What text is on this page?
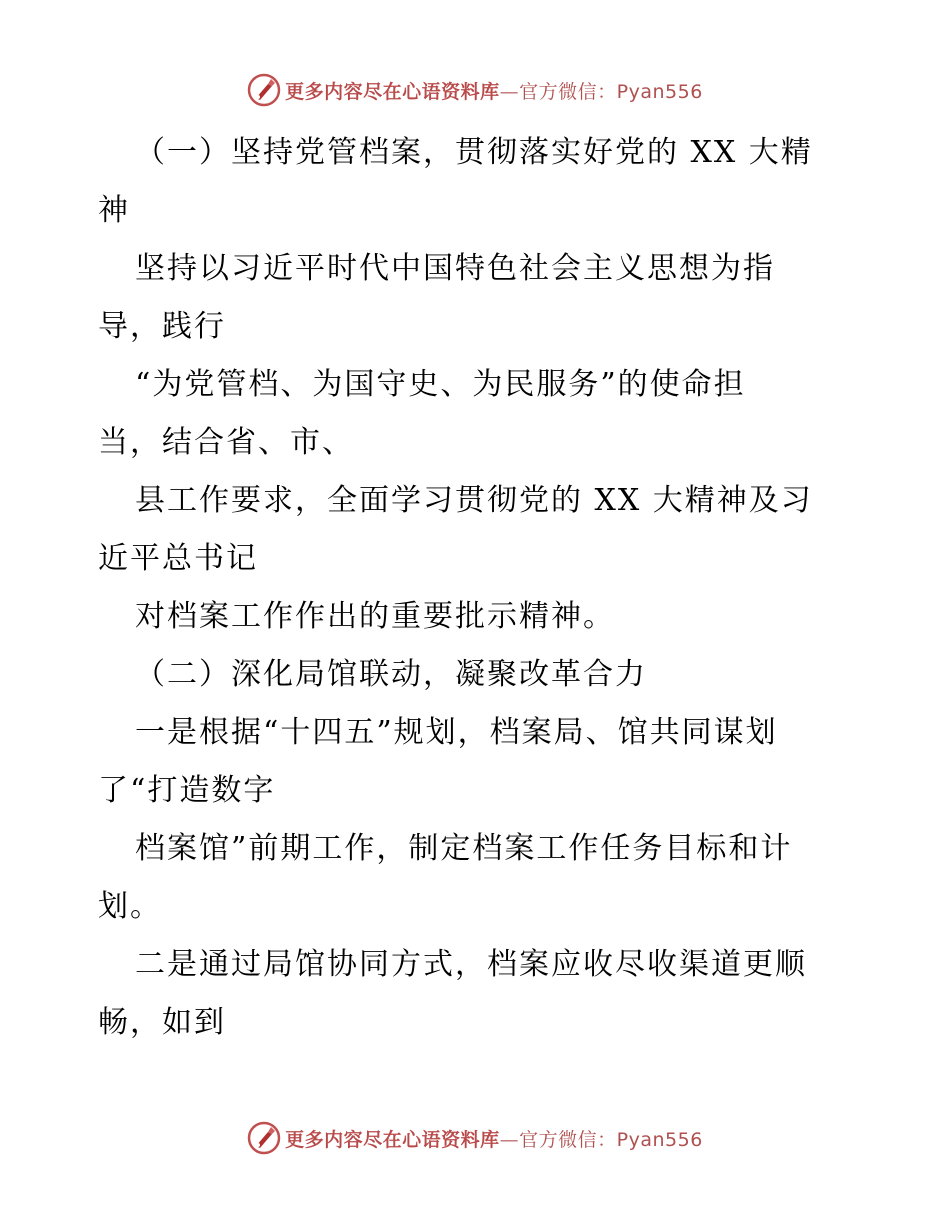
更多内容尽在心语资料库—官方微信：Pyan556
（一）坚持党管档案，贯彻落实好党的 XX 大精
神
坚持以习近平时代中国特色社会主义思想为指
导，践行
“为党管档、为国守史、为民服务”的使命担
当，结合省、市、
县工作要求，全面学习贯彻党的 XX 大精神及习
近平总书记
对档案工作作出的重要批示精神。
（二）深化局馆联动，凝聚改革合力
一是根据“十四五”规划，档案局、馆共同谋划
了“打造数字
档案馆”前期工作，制定档案工作任务目标和计
划。
二是通过局馆协同方式，档案应收尽收渠道更顺
畅，如到
更多内容尽在心语资料库—官方微信：Pyan556
